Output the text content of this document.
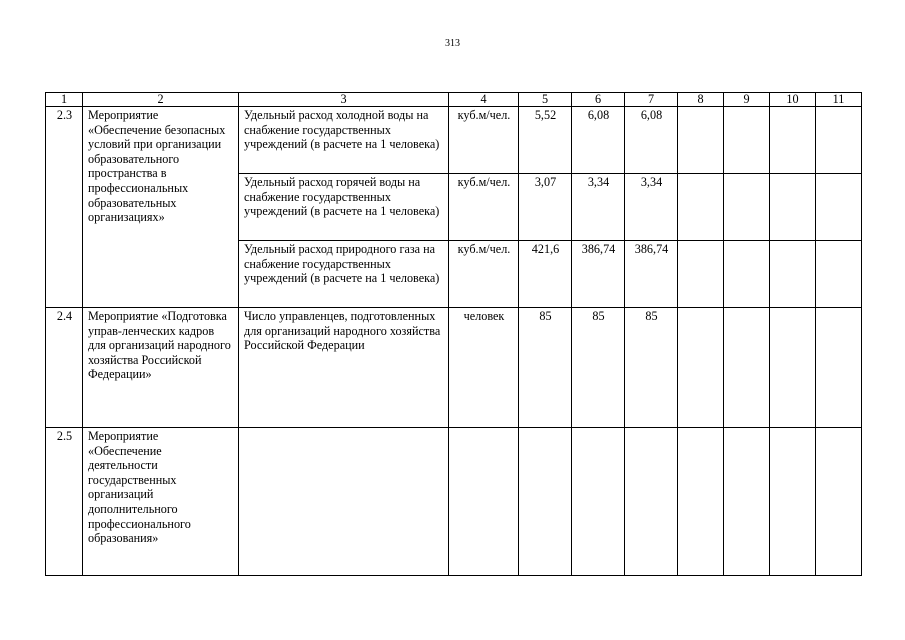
313
1	2	3	4	5	6	7	8	9	10	11
2.3	Мероприятие «Обеспечение безопасных условий при организации образовательного пространства в профессиональных образовательных организациях»	Удельный расход холодной воды на снабжение государственных учреждений (в расчете на 1 человека)	куб.м/чел.	5,52	6,08	6,08				
		Удельный расход горячей воды на снабжение государственных учреждений (в расчете на 1 человека)	куб.м/чел.	3,07	3,34	3,34				
		Удельный расход природного газа на снабжение государственных учреждений (в расчете на 1 человека)	куб.м/чел.	421,6	386,74	386,74				
2.4	Мероприятие «Подготовка управ-ленческих кадров для организаций народного хозяйства Российской Федерации»	Число управленцев, подготовленных для организаций народного хозяйства Российской Федерации	человек	85	85	85				
2.5	Мероприятие «Обеспечение деятельности государственных организаций дополнительного профессионального образования»									
